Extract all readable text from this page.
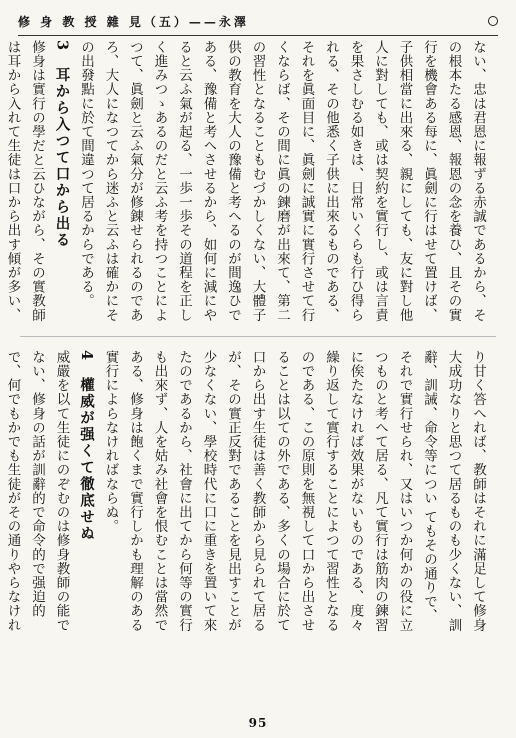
修 身 教 授 雜 見（五）——永澤
ない、忠は君恩に報ずる赤誠であるから、その根本たる感恩、報恩の念を養ひ、且その實行を機會ある每に、眞劍に行はせて置けば、子供相當に出來る、親にしても、友に對し他人に對しても、或は契約を實行し、或は言責を果さしむる如きは、日常いくらも行ひ得られる、その他悉く子供に出來るものである、それを眞面目に、眞劍に誠實に實行させて行くならば、その間に眞の鍊磨が出來て、第二の習性となることもむづかしくない、大體子供の教育を大人の豫備と考へるのが間逸ひである、豫備と考へさせるから、如何に減にやると云ふ氣が起る、一歩一歩その道程を正しく進みつゝあるのだと云ふ考を持つことによつて、眞劍と云ふ氣分が修錬せられるのであろ、大人になつてから迷ふと云ふは確かにその出發點に於て間違つて居るからである。
3 耳から入つて口から出る
修身は實行の學だと云ひながら、その實教師は耳から入れて生徒は口から出す傾が多い、
り甘く答へれば、教師はそれに滿足して修身大成功なりと思つて居るものも少くない、訓辭、訓誡、命令等につい てもその通りで、それで實行せられ、又はいつか何かの役に立つものと考へて居る、凡て實行は筋肉の鍊習に俟たなければ效果がないものである、度々繰り返して實行することによつて習性となるのである、この原則を無視して口から出させることは以ての外である、多くの場合に於て口から出す生徒は善く教師から見られて居るが、その實正反對であることを見出すことが少なくない、學校時代に口に重きを置いて來たのであるから、社會に出てから何等の實行も出來ず、人を姑み社會を恨むことは當然である、修身は飽くまで實行しかも理解のある實行によらなければならぬ。
4 權威が强くて徹底せぬ
威嚴を以て生徒にのぞむのは修身教師の能でない、修身の話が訓辭的で命令的で强迫的で、何でもかでも生徒がその通りやらなけれ
95
